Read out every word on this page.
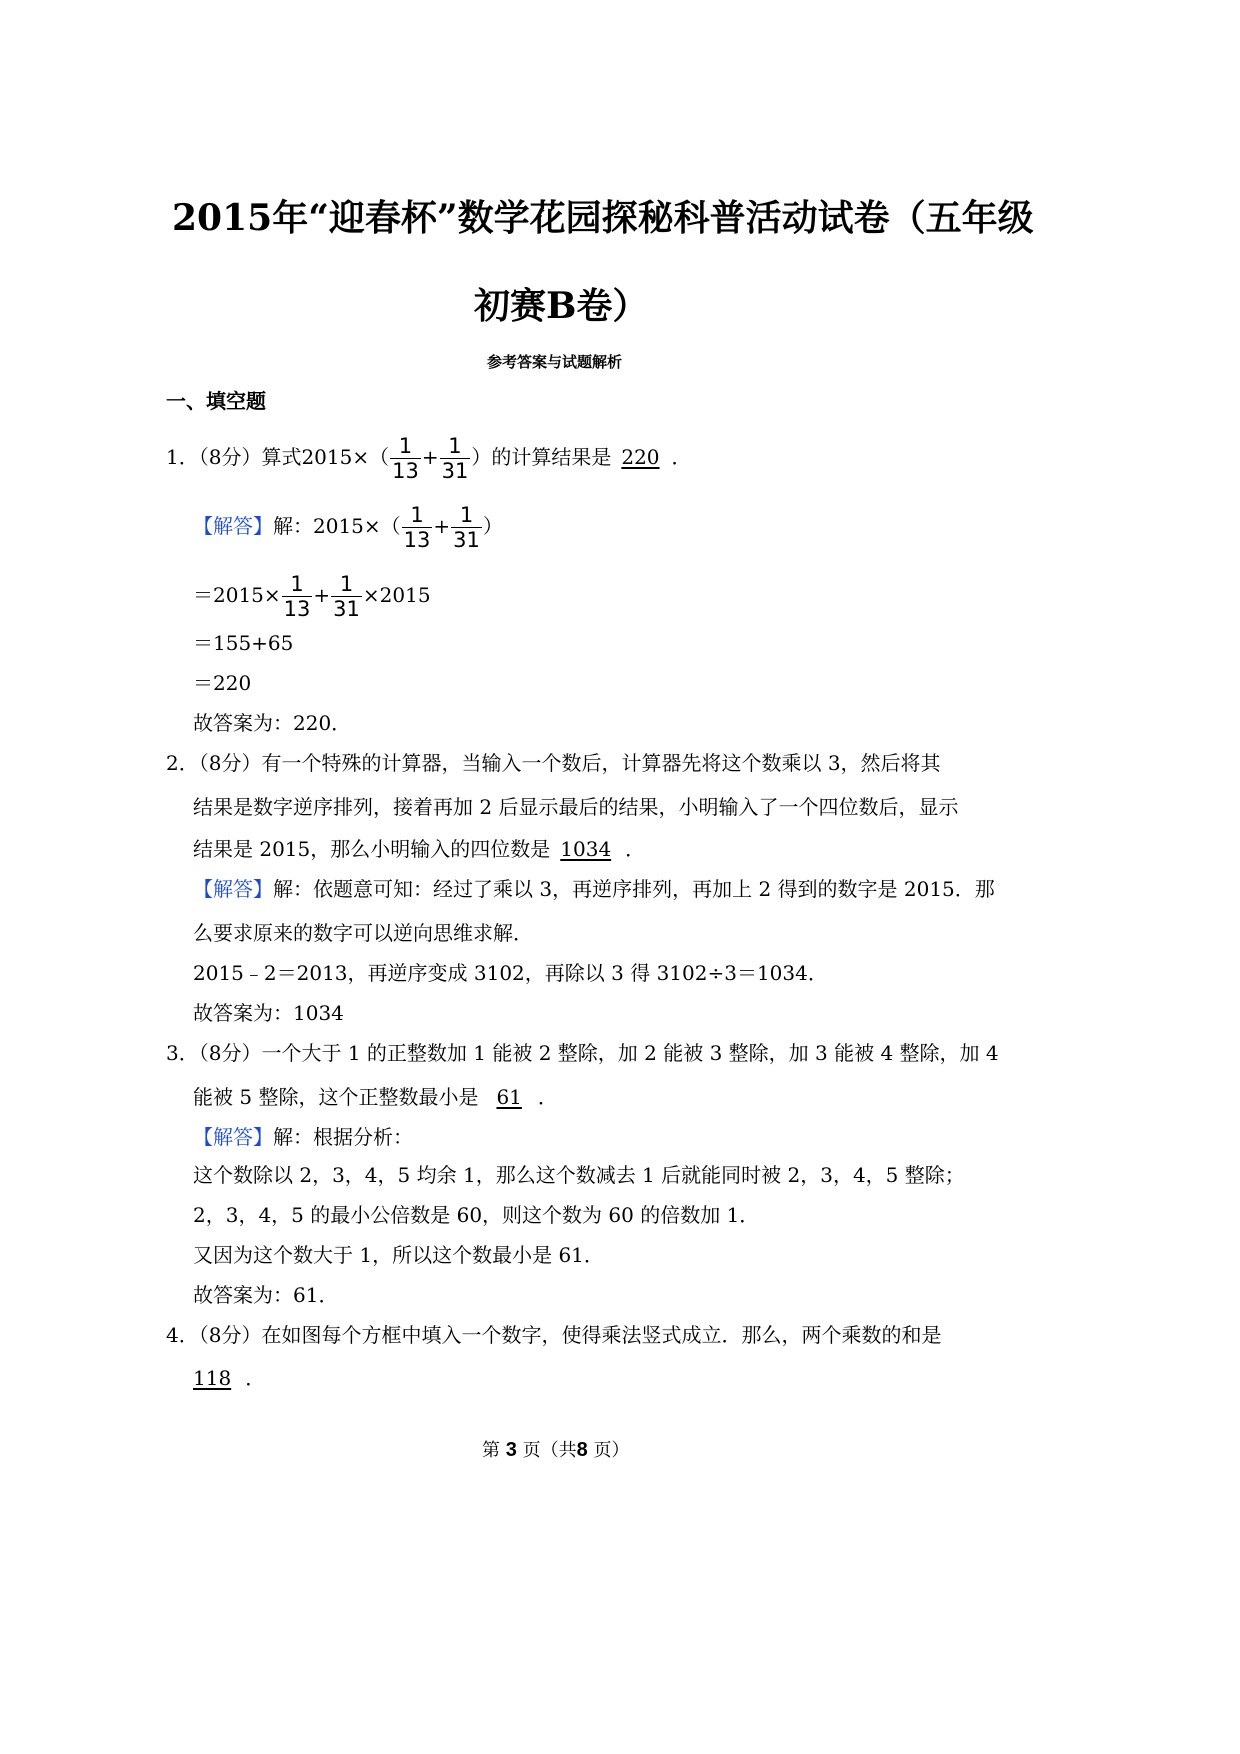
2015年“迎春杯”数学花园探秘科普活动试卷（五年级
初赛B卷）
参考答案与试题解析
一、填空题
1．（8分）算式$2015\times( \frac{1}{13} + \frac{1}{31}$ ）的计算结果是 220 ．
【解答】解：$2015\times( \frac{1}{13} + \frac{1}{31}$ ）
$=2015\times \frac{1}{13} + \frac{1}{31} \times 2015$
＝155+65
＝220
故答案为：220．
2．（8分）有一个特殊的计算器，当输入一个数后，计算器先将这个数乘以 3，然后将其
结果是数字逆序排列，接着再加 2 后显示最后的结果，小明输入了一个四位数后，显示
结果是 2015，那么小明输入的四位数是 1034 ．
【解答】解：依题意可知：经过了乘以 3，再逆序排列，再加上 2 得到的数字是 2015．那
么要求原来的数字可以逆向思维求解．
2015﹣2＝2013，再逆序变成 3102，再除以 3 得 3102÷3＝1034．
故答案为：1034
3．（8分）一个大于 1 的正整数加 1 能被 2 整除，加 2 能被 3 整除，加 3 能被 4 整除，加 4
能被 5 整除，这个正整数最小是 61 ．
【解答】解：根据分析：
这个数除以 2，3，4，5 均余 1，那么这个数减去 1 后就能同时被 2，3，4，5 整除；
2，3，4，5 的最小公倍数是 60，则这个数为 60 的倍数加 1．
又因为这个数大于 1，所以这个数最小是 61．
故答案为：61．
4．（8分）在如图每个方框中填入一个数字，使得乘法竖式成立．那么，两个乘数的和是
118 ．
第 3 页（共8 页）
